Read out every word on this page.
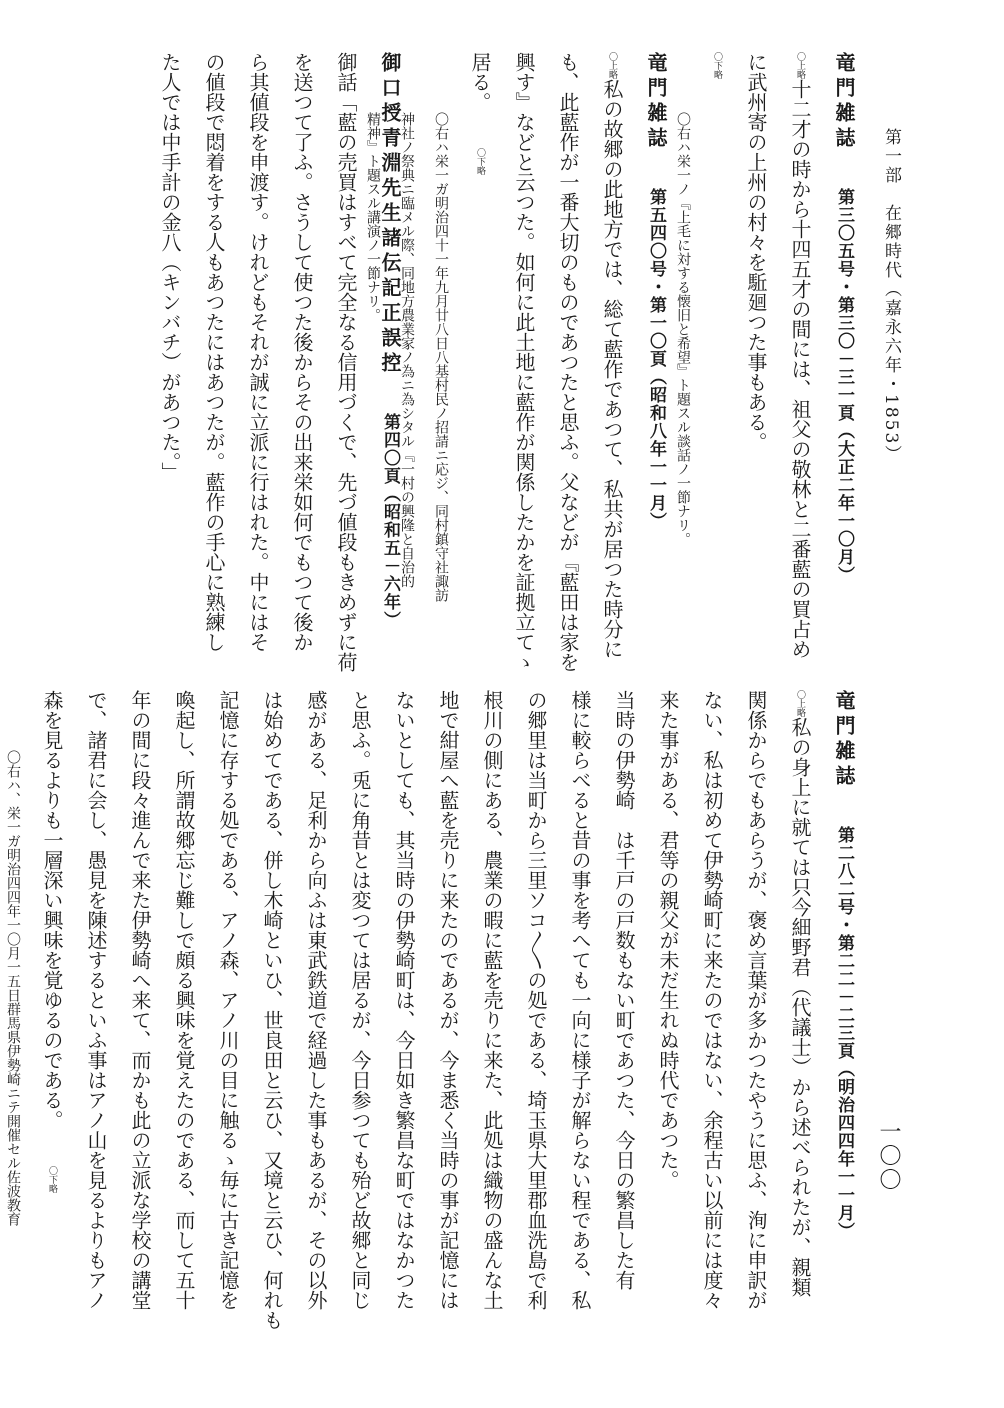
第一部　在郷時代（嘉永六年・1853）
一〇〇
竜門雑誌第三〇五号・第三〇－三一頁（大正二年一〇月）
〇上略十二才の時から十四五才の間には、祖父の敬林と二番藍の買占め
に武州寄の上州の村々を駈廻つた事もある。
〇下略
〇右ハ栄一ノ『上毛に対する懐旧と希望』ト題スル談話ノ一節ナリ。
竜門雑誌第五四〇号・第一〇頁（昭和八年一一月）
〇上略私の故郷の此地方では、総て藍作であつて、私共が居つた時分に
も、此藍作が一番大切のものであつたと思ふ。父などが『藍田は家を
興す』などと云つた。如何に此土地に藍作が関係したかを証拠立てゝ
居る。〇下略
〇右ハ栄一ガ明治四十一年九月廿八日八基村民ノ招請ニ応ジ、同村鎮守社諏訪
神社ノ祭典ニ臨メル際、同地方農業家ノ為ニ為シタル『一村の興隆と自治的
精神』ト題スル講演ノ一節ナリ。
御口授青淵先生諸伝記正誤控第四〇頁（昭和五－六年）
御話「藍の売買はすべて完全なる信用づくで、先づ値段もきめずに荷
を送つて了ふ。さうして使つた後からその出来栄如何でもつて後か
ら其値段を申渡す。けれどもそれが誠に立派に行はれた。中にはそ
の値段で悶着をする人もあつたにはあつたが。藍作の手心に熟練し
た人では中手計の金八（キンバチ）があつた。」
竜門雑誌第二八二号・第二二－二三頁（明治四四年一一月）
〇上略私の身上に就ては只今細野君（代議士）から述べられたが、親類
関係からでもあらうが、褒め言葉が多かつたやうに思ふ、洵に申訳が
ない、私は初めて伊勢崎町に来たのではない、余程古い以前には度々
来た事がある、君等の親父が未だ生れぬ時代であつた。
当時の伊勢崎　は千戸の戸数もない町であつた、今日の繁昌した有
様に較らべると昔の事を考へても一向に様子が解らない程である、私
の郷里は当町から三里ソコ〳〵の処である、埼玉県大里郡血洗島で利
根川の側にある、農業の暇に藍を売りに来た、此処は織物の盛んな土
地で紺屋へ藍を売りに来たのであるが、今ま悉く当時の事が記憶には
ないとしても、其当時の伊勢崎町は、今日如き繁昌な町ではなかつた
と思ふ。兎に角昔とは変つては居るが、今日参つても殆ど故郷と同じ
感がある、足利から向ふは東武鉄道で経過した事もあるが、その以外
は始めてである、併し木崎といひ、世良田と云ひ、又境と云ひ、何れも
記憶に存する処である、アノ森、アノ川の目に触るゝ毎に古き記憶を
喚起し、所謂故郷忘じ難しで頗る興味を覚えたのである、而して五十
年の間に段々進んで来た伊勢崎へ来て、而かも此の立派な学校の講堂
で、諸君に会し、愚見を陳述するといふ事はアノ山を見るよりもアノ
森を見るよりも一層深い興味を覚ゆるのである。〇下略
〇右ハ、栄一ガ明治四四年一〇月一五日群馬県伊勢崎ニテ開催セル佐波教育
